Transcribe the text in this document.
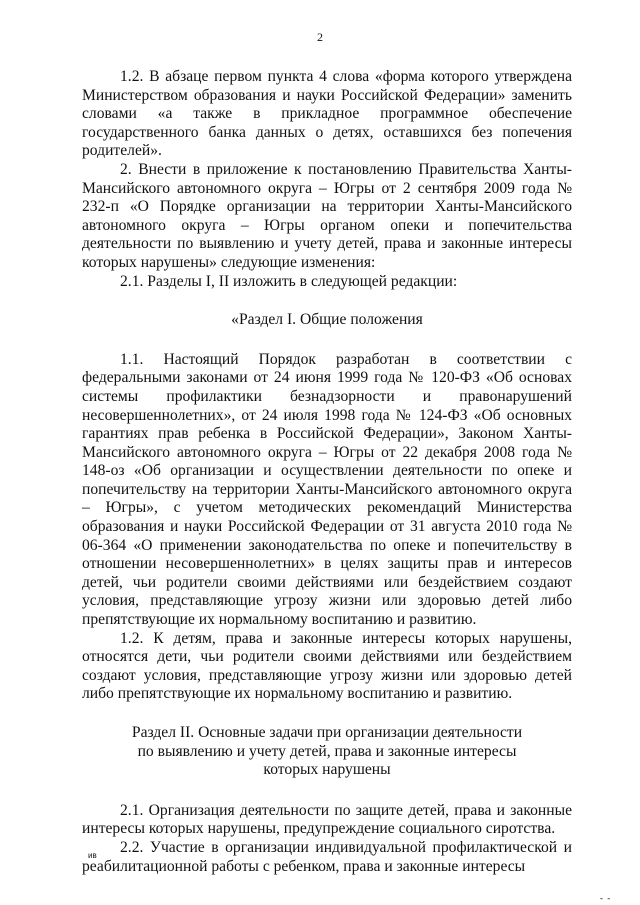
2

1.2. В абзаце первом пункта 4 слова «форма которого утверждена Министерством образования и науки Российской Федерации» заменить словами «а также в прикладное программное обеспечение государственного банка данных о детях, оставшихся без попечения родителей».

2. Внести в приложение к постановлению Правительства Ханты-Мансийского автономного округа – Югры от 2 сентября 2009 года № 232-п «О Порядке организации на территории Ханты-Мансийского автономного округа – Югры органом опеки и попечительства деятельности по выявлению и учету детей, права и законные интересы которых нарушены» следующие изменения:

2.1. Разделы I, II изложить в следующей редакции:

«Раздел I. Общие положения

1.1. Настоящий Порядок разработан в соответствии с федеральными законами от 24 июня 1999 года № 120-ФЗ «Об основах системы профилактики безнадзорности и правонарушений несовершеннолетних», от 24 июля 1998 года № 124-ФЗ «Об основных гарантиях прав ребенка в Российской Федерации», Законом Ханты-Мансийского автономного округа – Югры от 22 декабря 2008 года № 148-оз «Об организации и осуществлении деятельности по опеке и попечительству на территории Ханты-Мансийского автономного округа – Югры», с учетом методических рекомендаций Министерства образования и науки Российской Федерации от 31 августа 2010 года № 06-364 «О применении законодательства по опеке и попечительству в отношении несовершеннолетних» в целях защиты прав и интересов детей, чьи родители своими действиями или бездействием создают условия, представляющие угрозу жизни или здоровью детей либо препятствующие их нормальному воспитанию и развитию.

1.2. К детям, права и законные интересы которых нарушены, относятся дети, чьи родители своими действиями или бездействием создают условия, представляющие угрозу жизни или здоровью детей либо препятствующие их нормальному воспитанию и развитию.

Раздел II. Основные задачи при организации деятельности
по выявлению и учету детей, права и законные интересы
которых нарушены

2.1. Организация деятельности по защите детей, права и законные интересы которых нарушены, предупреждение социального сиротства.

2.2. Участие в организации индивидуальной профилактической и реабилитационной работы с ребенком, права и законные интересы

ив
- -
